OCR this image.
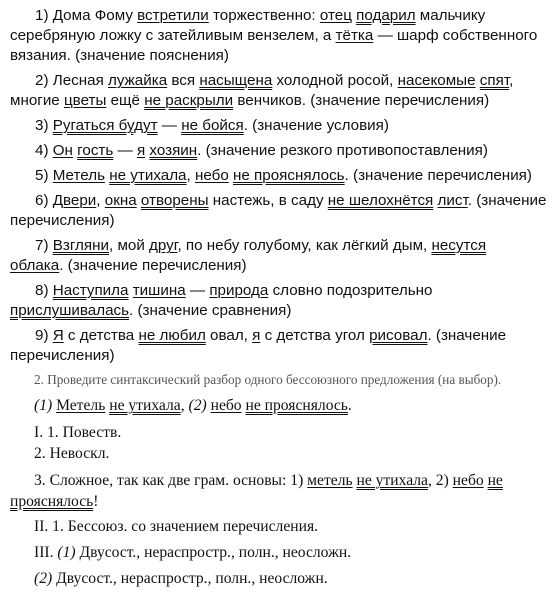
1) Дома Фому встретили торжественно: отец подарил мальчику
серебряную ложку с затейливым вензелем, а тётка — шарф собственного
вязания. (значение пояснения)
2) Лесная лужайка вся насыщена холодной росой, насекомые спят,
многие цветы ещё не раскрыли венчиков. (значение перечисления)
3) Ругаться будут — не бойся. (значение условия)
4) Он гость — я хозяин. (значение резкого противопоставления)
5) Метель не утихала, небо не прояснялось. (значение перечисления)
6) Двери, окна отворены настежь, в саду не шелохнётся лист. (значение
перечисления)
7) Взгляни, мой друг, по небу голубому, как лёгкий дым, несутся
облака. (значение перечисления)
8) Наступила тишина — природа словно подозрительно
прислушивалась. (значение сравнения)
9) Я с детства не любил овал, я с детства угол рисовал. (значение
перечисления)
2. Проведите синтаксический разбор одного бессоюзного предложения (на выбор).
(1) Метель не утихала, (2) небо не прояснялось.
I. 1. Повеств.
2. Невоскл.
3. Сложное, так как две грам. основы: 1) метель не утихала, 2) небо не
прояснялось!
II. 1. Бессоюз. со значением перечисления.
III. (1) Двусост., нераспростр., полн., неосложн.
(2) Двусост., нераспростр., полн., неосложн.
